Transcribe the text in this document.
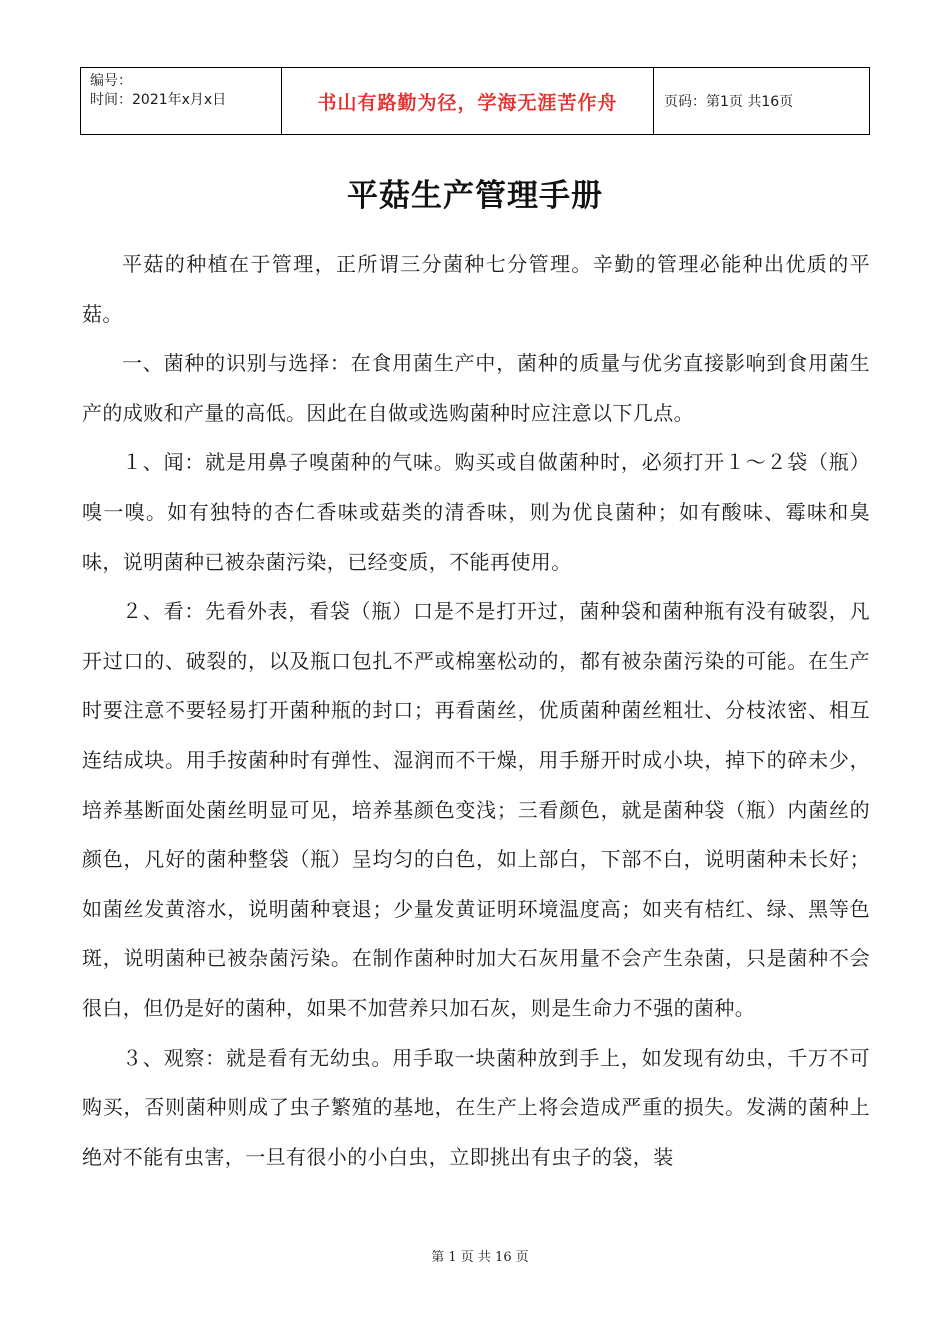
编号：
时间：2021年x月x日	书山有路勤为径，学海无涯苦作舟	页码：第1页 共16页
平菇生产管理手册

平菇的种植在于管理，正所谓三分菌种七分管理。辛勤的管理必能种出优质的平菇。

一、菌种的识别与选择：在食用菌生产中，菌种的质量与优劣直接影响到食用菌生产的成败和产量的高低。因此在自做或选购菌种时应注意以下几点。

１、闻：就是用鼻子嗅菌种的气味。购买或自做菌种时，必须打开１～２袋（瓶）嗅一嗅。如有独特的杏仁香味或菇类的清香味，则为优良菌种；如有酸味、霉味和臭味，说明菌种已被杂菌污染，已经变质，不能再使用。

２、看：先看外表，看袋（瓶）口是不是打开过，菌种袋和菌种瓶有没有破裂，凡开过口的、破裂的，以及瓶口包扎不严或棉塞松动的，都有被杂菌污染的可能。在生产时要注意不要轻易打开菌种瓶的封口；再看菌丝，优质菌种菌丝粗壮、分枝浓密、相互连结成块。用手按菌种时有弹性、湿润而不干燥，用手掰开时成小块，掉下的碎未少，培养基断面处菌丝明显可见，培养基颜色变浅；三看颜色，就是菌种袋（瓶）内菌丝的颜色，凡好的菌种整袋（瓶）呈均匀的白色，如上部白，下部不白，说明菌种未长好；如菌丝发黄溶水，说明菌种衰退；少量发黄证明环境温度高；如夹有桔红、绿、黑等色斑，说明菌种已被杂菌污染。在制作菌种时加大石灰用量不会产生杂菌，只是菌种不会很白，但仍是好的菌种，如果不加营养只加石灰，则是生命力不强的菌种。

３、观察：就是看有无幼虫。用手取一块菌种放到手上，如发现有幼虫，千万不可购买，否则菌种则成了虫子繁殖的基地，在生产上将会造成严重的损失。发满的菌种上绝对不能有虫害，一旦有很小的小白虫，立即挑出有虫子的袋，装

第 1 页 共 16 页
